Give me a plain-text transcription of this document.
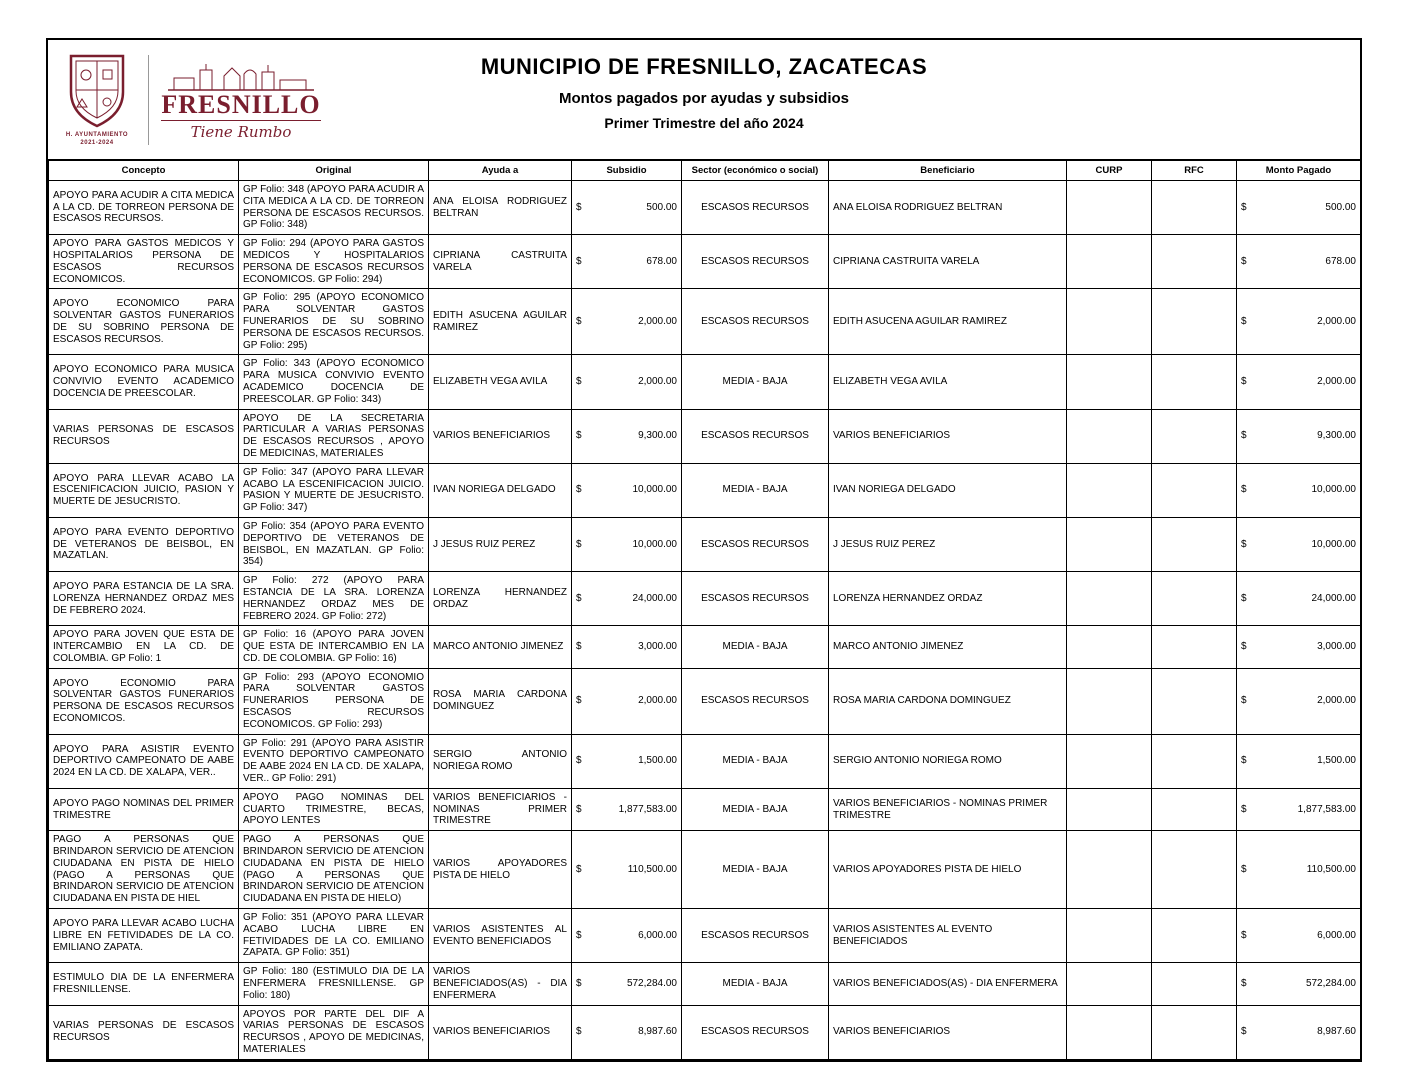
H. AYUNTAMIENTO
2021-2024
FRESNILLO
Tiene Rumbo
MUNICIPIO DE FRESNILLO, ZACATECAS
Montos pagados por ayudas y subsidios
Primer Trimestre del año 2024
Concepto	Original	Ayuda a	Subsidio	Sector (económico o social)	Beneficiario	CURP	RFC	Monto Pagado
APOYO PARA ACUDIR A CITA MEDICA A LA CD. DE TORREON PERSONA DE ESCASOS RECURSOS.	GP Folio: 348 (APOYO PARA ACUDIR A CITA MEDICA A LA CD. DE TORREON PERSONA DE ESCASOS RECURSOS. GP Folio: 348)	ANA ELOISA RODRIGUEZ BELTRAN	$ 500.00	ESCASOS RECURSOS	ANA ELOISA RODRIGUEZ BELTRAN			$ 500.00

APOYO PARA GASTOS MEDICOS Y HOSPITALARIOS PERSONA DE ESCASOS RECURSOS ECONOMICOS.	GP Folio: 294 (APOYO PARA GASTOS MEDICOS Y HOSPITALARIOS PERSONA DE ESCASOS RECURSOS ECONOMICOS. GP Folio: 294)	CIPRIANA CASTRUITA VARELA	$ 678.00	ESCASOS RECURSOS	CIPRIANA CASTRUITA VARELA			$ 678.00

APOYO ECONOMICO PARA SOLVENTAR GASTOS FUNERARIOS DE SU SOBRINO PERSONA DE ESCASOS RECURSOS.	GP Folio: 295 (APOYO ECONOMICO PARA SOLVENTAR GASTOS FUNERARIOS DE SU SOBRINO PERSONA DE ESCASOS RECURSOS. GP Folio: 295)	EDITH ASUCENA AGUILAR RAMIREZ	$ 2,000.00	ESCASOS RECURSOS	EDITH ASUCENA AGUILAR RAMIREZ			$ 2,000.00

APOYO ECONOMICO PARA MUSICA CONVIVIO EVENTO ACADEMICO DOCENCIA DE PREESCOLAR.	GP Folio: 343 (APOYO ECONOMICO PARA MUSICA CONVIVIO EVENTO ACADEMICO DOCENCIA DE PREESCOLAR. GP Folio: 343)	ELIZABETH VEGA AVILA	$ 2,000.00	MEDIA - BAJA	ELIZABETH VEGA AVILA			$ 2,000.00

VARIAS PERSONAS DE ESCASOS RECURSOS	APOYO DE LA SECRETARIA PARTICULAR A VARIAS PERSONAS DE ESCASOS RECURSOS , APOYO DE MEDICINAS, MATERIALES	VARIOS BENEFICIARIOS	$ 9,300.00	ESCASOS RECURSOS	VARIOS BENEFICIARIOS			$ 9,300.00

APOYO PARA LLEVAR ACABO LA ESCENIFICACION JUICIO, PASION Y MUERTE DE JESUCRISTO.	GP Folio: 347 (APOYO PARA LLEVAR ACABO LA ESCENIFICACION JUICIO. PASION Y MUERTE DE JESUCRISTO. GP Folio: 347)	IVAN NORIEGA DELGADO	$ 10,000.00	MEDIA - BAJA	IVAN NORIEGA DELGADO			$ 10,000.00

APOYO PARA EVENTO DEPORTIVO DE VETERANOS DE BEISBOL, EN MAZATLAN.	GP Folio: 354 (APOYO PARA EVENTO DEPORTIVO DE VETERANOS DE BEISBOL, EN MAZATLAN. GP Folio: 354)	J JESUS RUIZ PEREZ	$ 10,000.00	ESCASOS RECURSOS	J JESUS RUIZ PEREZ			$ 10,000.00

APOYO PARA ESTANCIA DE LA SRA. LORENZA HERNANDEZ ORDAZ MES DE FEBRERO 2024.	GP Folio: 272 (APOYO PARA ESTANCIA DE LA SRA. LORENZA HERNANDEZ ORDAZ MES DE FEBRERO 2024. GP Folio: 272)	LORENZA HERNANDEZ ORDAZ	$ 24,000.00	ESCASOS RECURSOS	LORENZA HERNANDEZ ORDAZ			$ 24,000.00

APOYO PARA JOVEN QUE ESTA DE INTERCAMBIO EN LA CD. DE COLOMBIA. GP Folio: 1	GP Folio: 16 (APOYO PARA JOVEN QUE ESTA DE INTERCAMBIO EN LA CD. DE COLOMBIA. GP Folio: 16)	MARCO ANTONIO JIMENEZ	$ 3,000.00	MEDIA - BAJA	MARCO ANTONIO JIMENEZ			$ 3,000.00

APOYO ECONOMIO PARA SOLVENTAR GASTOS FUNERARIOS PERSONA DE ESCASOS RECURSOS ECONOMICOS.	GP Folio: 293 (APOYO ECONOMIO PARA SOLVENTAR GASTOS FUNERARIOS PERSONA DE ESCASOS RECURSOS ECONOMICOS. GP Folio: 293)	ROSA MARIA CARDONA DOMINGUEZ	$ 2,000.00	ESCASOS RECURSOS	ROSA MARIA CARDONA DOMINGUEZ			$ 2,000.00

APOYO PARA ASISTIR EVENTO DEPORTIVO CAMPEONATO DE AABE 2024 EN LA CD. DE XALAPA, VER..	GP Folio: 291 (APOYO PARA ASISTIR EVENTO DEPORTIVO CAMPEONATO DE AABE 2024 EN LA CD. DE XALAPA, VER.. GP Folio: 291)	SERGIO ANTONIO NORIEGA ROMO	$ 1,500.00	MEDIA - BAJA	SERGIO ANTONIO NORIEGA ROMO			$ 1,500.00

APOYO PAGO NOMINAS DEL PRIMER TRIMESTRE	APOYO PAGO NOMINAS DEL CUARTO TRIMESTRE, BECAS, APOYO LENTES	VARIOS BENEFICIARIOS - NOMINAS PRIMER TRIMESTRE	$ 1,877,583.00	MEDIA - BAJA	VARIOS BENEFICIARIOS - NOMINAS PRIMER TRIMESTRE			$ 1,877,583.00

PAGO A PERSONAS QUE BRINDARON SERVICIO DE ATENCION CIUDADANA EN PISTA DE HIELO (PAGO A PERSONAS QUE BRINDARON SERVICIO DE ATENCION CIUDADANA EN PISTA DE HIEL	PAGO A PERSONAS QUE BRINDARON SERVICIO DE ATENCION CIUDADANA EN PISTA DE HIELO (PAGO A PERSONAS QUE BRINDARON SERVICIO DE ATENCION CIUDADANA EN PISTA DE HIELO)	VARIOS APOYADORES PISTA DE HIELO	$ 110,500.00	MEDIA - BAJA	VARIOS APOYADORES PISTA DE HIELO			$ 110,500.00

APOYO PARA LLEVAR ACABO LUCHA LIBRE EN FETIVIDADES DE LA CO. EMILIANO ZAPATA.	GP Folio: 351 (APOYO PARA LLEVAR ACABO LUCHA LIBRE EN FETIVIDADES DE LA CO. EMILIANO ZAPATA. GP Folio: 351)	VARIOS ASISTENTES AL EVENTO BENEFICIADOS	$ 6,000.00	ESCASOS RECURSOS	VARIOS ASISTENTES AL EVENTO BENEFICIADOS			$ 6,000.00

ESTIMULO DIA DE LA ENFERMERA FRESNILLENSE.	GP Folio: 180 (ESTIMULO DIA DE LA ENFERMERA FRESNILLENSE. GP Folio: 180)	VARIOS BENEFICIADOS(AS) - DIA ENFERMERA	$ 572,284.00	MEDIA - BAJA	VARIOS BENEFICIADOS(AS) - DIA ENFERMERA			$ 572,284.00

VARIAS PERSONAS DE ESCASOS RECURSOS	APOYOS POR PARTE DEL DIF A VARIAS PERSONAS DE ESCASOS RECURSOS , APOYO DE MEDICINAS, MATERIALES	VARIOS BENEFICIARIOS	$ 8,987.60	ESCASOS RECURSOS	VARIOS BENEFICIARIOS			$ 8,987.60
